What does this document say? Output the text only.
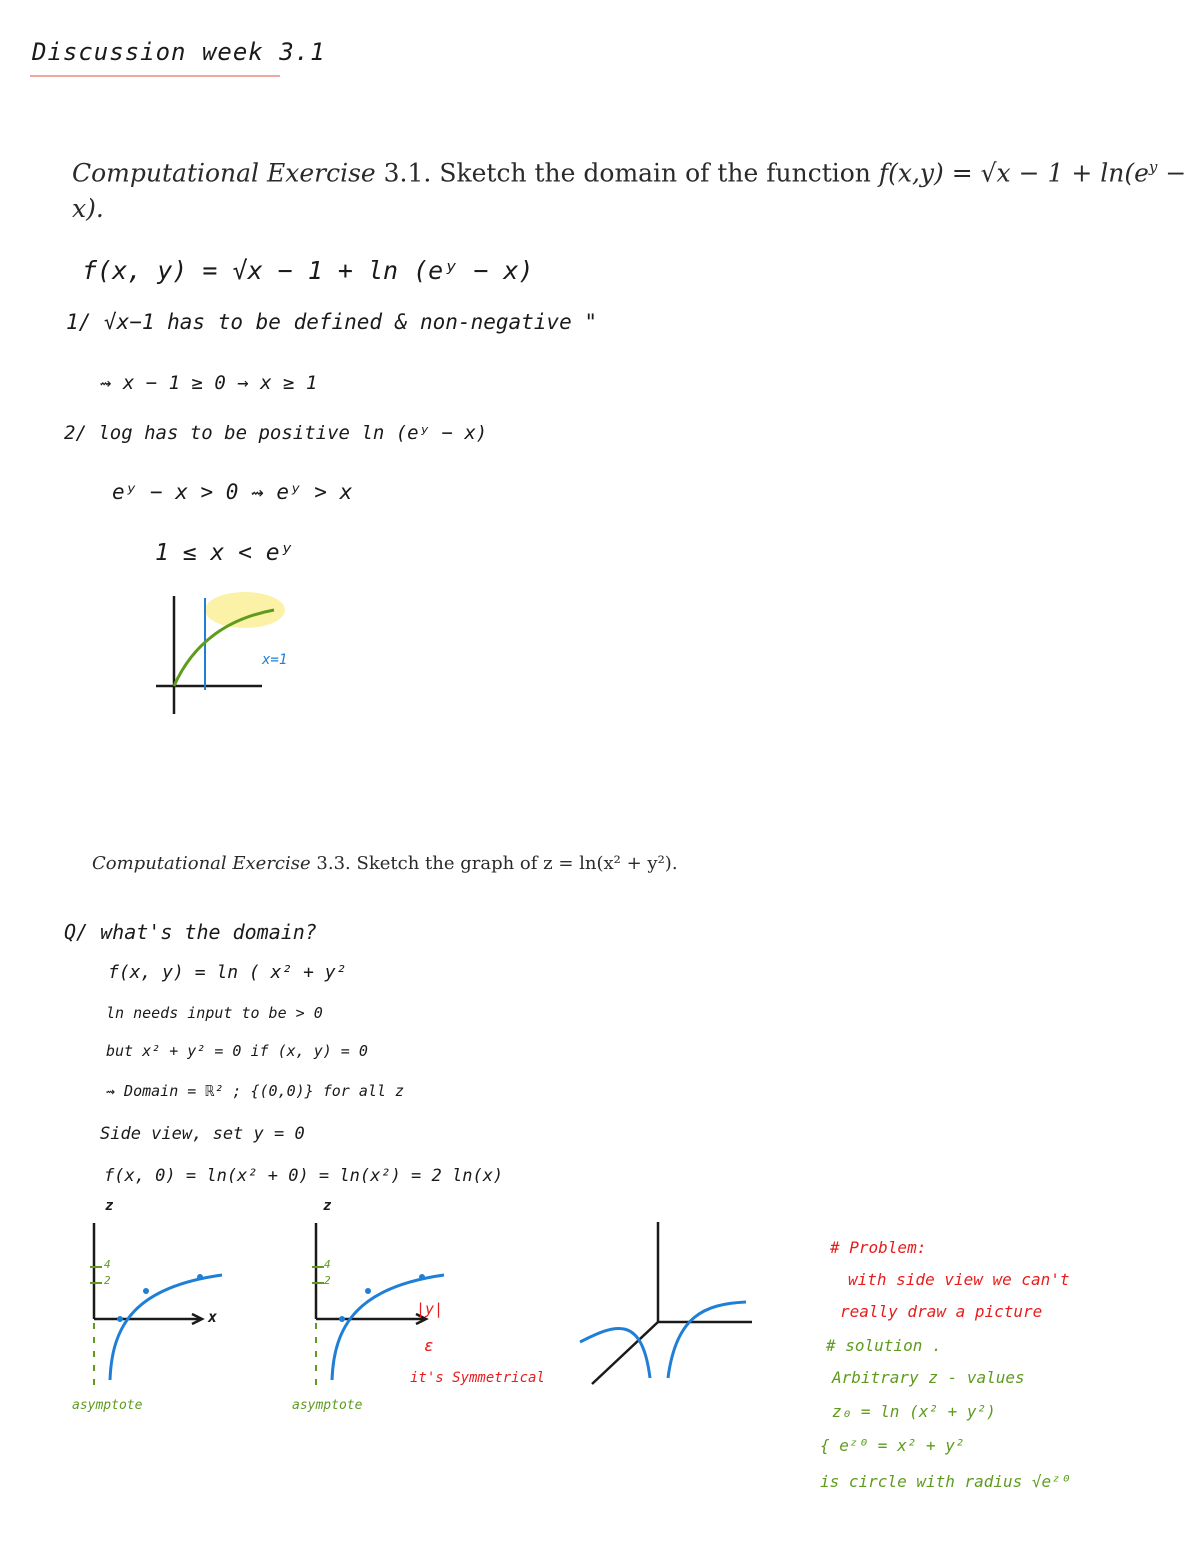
Discussion week 3.1
Computational Exercise 3.1. Sketch the domain of the function $f(x,y) = √x - 1 + \ln(e^y$ −
x).
f(x, y) = √x − 1 + ln (eʸ − x)
1/ √x−1 has to be defined & non-negative "
⇝ x − 1 ≥ 0 → x ≥ 1
2/ log has to be positive ln (eʸ − x)
eʸ − x > 0 ⇝ eʸ > x
1 ≤ x < eʸ
x=1
Computational Exercise 3.3. Sketch the graph of z = ln(x² + y²).
Q/ what's the domain?
f(x, y) = ln ( x² + y²
ln needs input to be > 0
but x² + y² = 0 if (x, y) = 0
⇝ Domain = ℝ² ; {(0,0)} for all z
Side view, set y = 0
f(x, 0) = ln(x² + 0) = ln(x²) = 2 ln(x)
z
4
2
x
asymptote
z
4
2
|y|
ε
it's Symmetrical
asymptote
# Problem:
with side view we can't
really draw a picture
# solution .
Arbitrary z - values
z₀ = ln (x² + y²)
{ eᶻ⁰ = x² + y²
is circle with radius √eᶻ⁰
